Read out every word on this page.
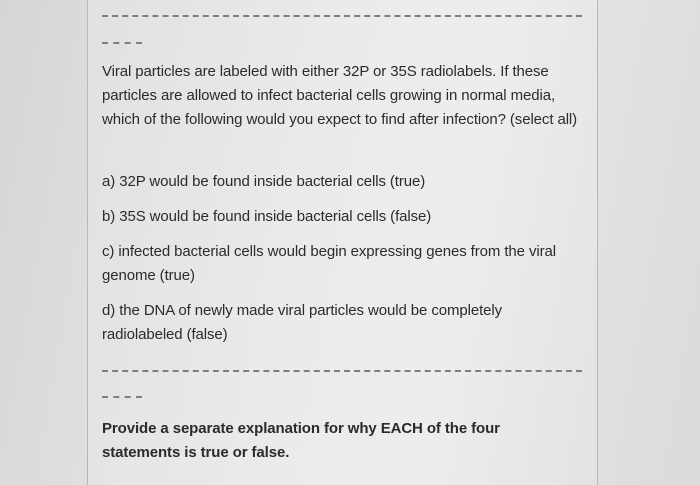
Viral particles are labeled with either 32P or 35S radiolabels. If these particles are allowed to infect bacterial cells growing in normal media, which of the following would you expect to find after infection? (select all)
a) 32P would be found inside bacterial cells (true)
b) 35S would be found inside bacterial cells (false)
c) infected bacterial cells would begin expressing genes from the viral genome (true)
d) the DNA of newly made viral particles would be completely radiolabeled (false)
Provide a separate explanation for why EACH of the four statements is true or false.
